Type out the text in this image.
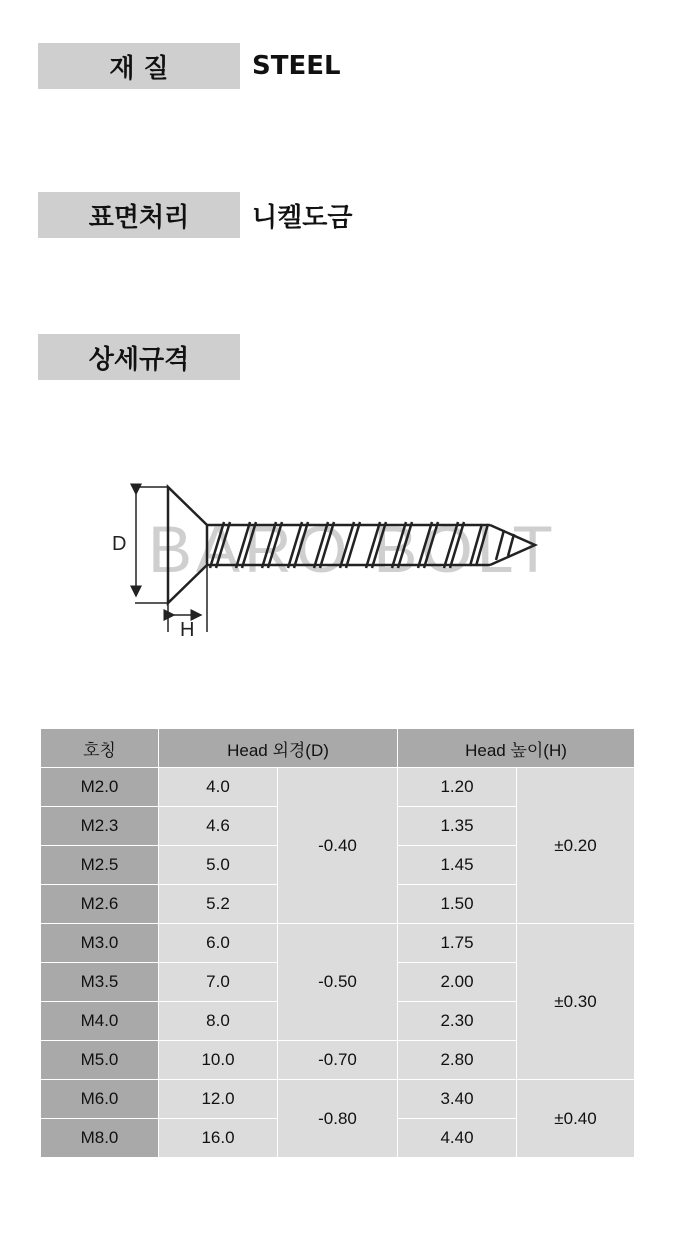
재 질	STEEL
표면처리	니켈도금
상세규격
BARO BOLT
D
H
호칭	Head 외경(D)		Head 높이(H)	
M2.0	4.0	-0.40	1.20	±0.20
M2.3	4.6		1.35	
M2.5	5.0		1.45	
M2.6	5.2		1.50	
M3.0	6.0	-0.50	1.75	±0.30
M3.5	7.0		2.00	
M4.0	8.0		2.30	
M5.0	10.0	-0.70	2.80	
M6.0	12.0	-0.80	3.40	±0.40
M8.0	16.0		4.40	
